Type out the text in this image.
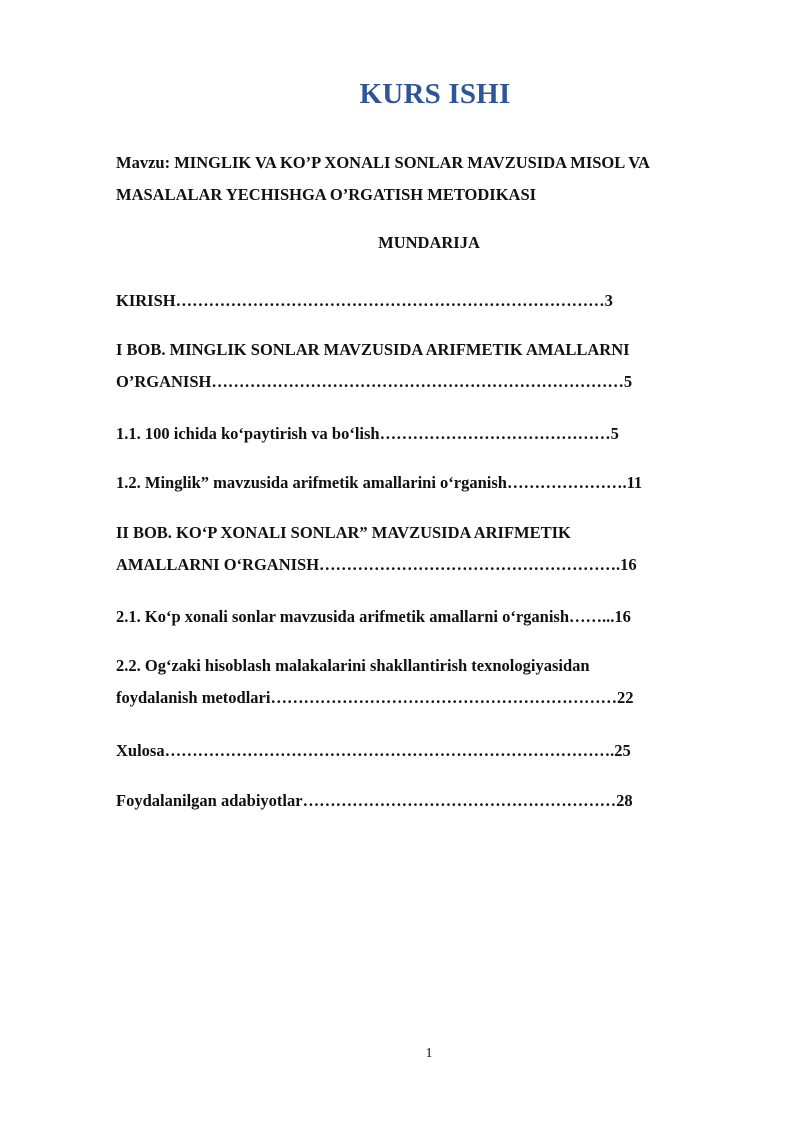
KURS ISHI
Mavzu: MINGLIK VA KO’P XONALI SONLAR MAVZUSIDA MISOL VA
MASALALAR YECHISHGA O’RGATISH METODIKASI
MUNDARIJA
KIRISH……………………………………………………………………3
I BOB. MINGLIK SONLAR MAVZUSIDA ARIFMETIK AMALLARNI
O’RGANISH…………………………………………………………………5
1.1. 100 ichida ko‘paytirish va bo‘lish……………………………………5
1.2. Minglik” mavzusida arifmetik amallarini o‘rganish………………….11
II BOB. KO‘P XONALI SONLAR” MAVZUSIDA ARIFMETIK
AMALLARNI O‘RGANISH……………………………………………….16
2.1. Ko‘p xonali sonlar mavzusida arifmetik amallarni o‘rganish……...16
2.2. Og‘zaki hisoblash malakalarini shakllantirish texnologiyasidan
foydalanish metodlari………………………………………………………22
Xulosa……………………………………………………………………….25
Foydalanilgan adabiyotlar…………………………………………………28
1
